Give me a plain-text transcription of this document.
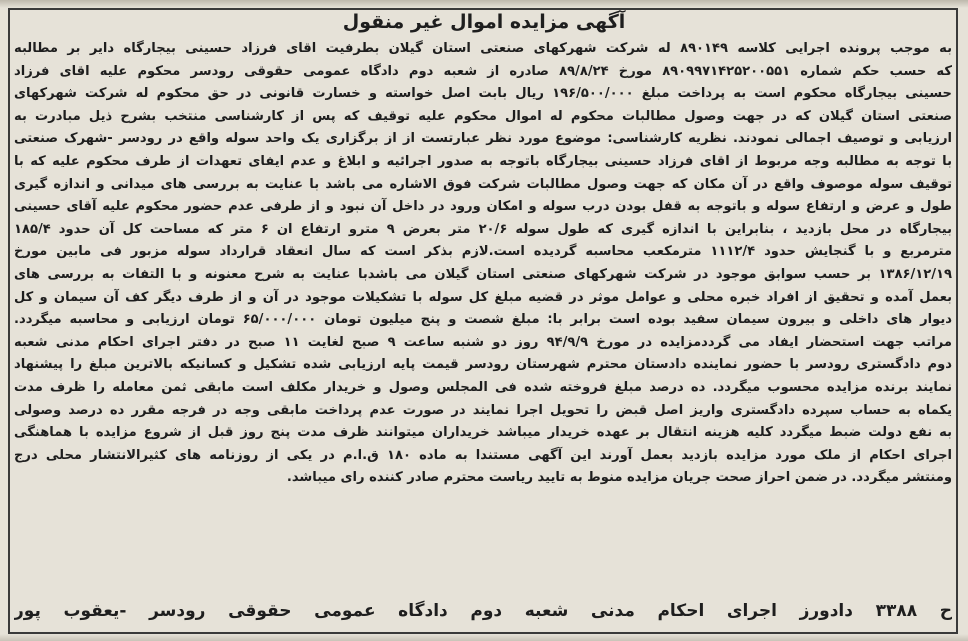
آگهی مزایده اموال غیر منقول
به موجب پرونده اجرایی کلاسه ۸۹۰۱۴۹ له شرکت شهرکهای صنعتی استان گیلان بطرفیت اقای فرزاد حسینی بیجارگاه دایر بر مطالبه
که حسب حکم شماره ۸۹۰۹۹۷۱۴۲۵۲۰۰۵۵۱ مورخ ۸۹/۸/۲۴ صادره از شعبه دوم دادگاه عمومی حقوقی رودسر محکوم علیه اقای فرزاد
حسینی بیجارگاه محکوم است به پرداخت مبلغ ۱۹۶/۵۰۰/۰۰۰ ریال بابت اصل خواسته و خسارت قانونی در حق محکوم له شرکت شهرکهای
صنعتی استان گیلان که در جهت وصول مطالبات محکوم له اموال محکوم علیه توقیف که پس از کارشناسی منتخب بشرح ذیل مبادرت به
ارزیابی و توصیف اجمالی نمودند. نظریه کارشناسی: موضوع مورد نظر عبارتست از از برگزاری یک واحد سوله واقع در رودسر -شهرک صنعتی
با توجه به مطالبه وجه مربوط از اقای فرزاد حسینی بیجارگاه باتوجه به صدور اجرائیه و ابلاغ و عدم ایفای تعهدات از طرف محکوم علیه که با
توقیف سوله موصوف واقع در آن مکان که جهت وصول مطالبات شرکت فوق الاشاره می باشد با عنایت به بررسی های میدانی و اندازه گیری
طول و عرض و ارتفاع سوله و باتوجه به قفل بودن درب سوله و امکان ورود در داخل آن نبود و از طرفی عدم حضور محکوم علیه آقای حسینی
بیجارگاه در محل بازدید ، بنابراین با اندازه گیری که طول سوله ۲۰/۶ متر بعرض ۹ مترو ارتفاع ان ۶ متر که مساحت کل آن حدود ۱۸۵/۴
مترمربع و با گنجایش حدود ۱۱۱۲/۴ مترمکعب محاسبه گردیده است.لازم بذکر است که سال انعقاد قرارداد سوله مزبور فی مابین مورخ
۱۳۸۶/۱۲/۱۹ بر حسب سوابق موجود در شرکت شهرکهای صنعتی استان گیلان می باشدبا عنایت به شرح معنونه و با التفات به بررسی های
بعمل آمده و تحقیق از افراد خبره محلی و عوامل موثر در قضیه مبلغ کل سوله با تشکیلات موجود در آن و از طرف دیگر کف آن سیمان و کل
دیوار های داخلی و بیرون سیمان سفید بوده است برابر با: مبلغ شصت و پنج میلیون تومان ۶۵/۰۰۰/۰۰۰ تومان ارزیابی و محاسبه میگردد.
مراتب جهت استحضار ایفاد می گرددمزایده در مورخ ۹۴/۹/۹ روز دو شنبه ساعت ۹ صبح لغایت ۱۱ صبح در دفتر اجرای احکام مدنی شعبه
دوم دادگستری رودسر با حضور نماینده دادستان محترم شهرستان رودسر قیمت پایه ارزیابی شده تشکیل و کسانیکه بالاترین مبلغ را پیشنهاد
نمایند برنده مزایده محسوب میگردد. ده درصد مبلغ فروخته شده فی المجلس وصول و خریدار مکلف است مابقی ثمن معامله را ظرف مدت
یکماه به حساب سپرده دادگستری واریز اصل قبض را تحویل اجرا نمایند در صورت عدم پرداخت مابقی وجه در فرجه مقرر ده درصد وصولی
به نفع دولت ضبط میگردد کلیه هزینه انتقال بر عهده خریدار میباشد خریداران میتوانند ظرف مدت پنج روز قبل از شروع مزایده با هماهنگی
اجرای احکام از ملک مورد مزایده بازدید بعمل آورند این آگهی مستندا به ماده ۱۸۰ ق.ا.م در یکی از روزنامه های کثیرالانتشار محلی درج
ومنتشر میگردد. در ضمن احراز صحت جریان مزایده منوط به تایید ریاست محترم صادر کننده رای میباشد.
ح ۳۳۸۸ دادورز اجرای احکام مدنی شعبه دوم دادگاه عمومی حقوقی رودسر -یعقوب پور
